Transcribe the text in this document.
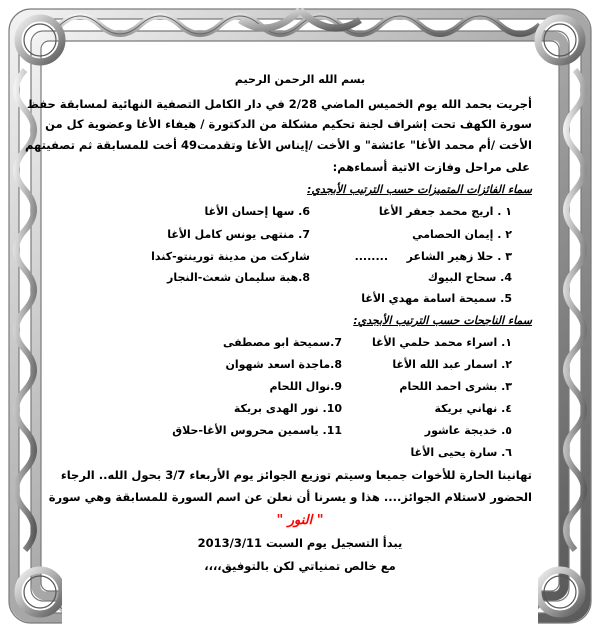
بسم الله الرحمن الرحيم
أجريت بحمد الله يوم الخميس الماضي 2/28 في دار الكامل التصفية النهائية لمسابقة حفظ
سورة الكهف تحت إشراف لجنة تحكيم مشكلة من الدكتورة / هيفاء الأغا وعضوية كل من
الأخت /أم محمد الأغا" عائشة" و الأخت /إيناس الأغا وتقدمت49 أخت للمسابقة ثم تصفيتهم
على مراحل وفازت الاتية أسماءهم:
سماء الفائزات المتميزات حسب الترتيب الأبجدي:
١ . اريج محمد جعفر الأغا
6. سها إحسان الأغا
٢ . إيمان الحصامي
7. منتهى يونس كامل الأغا
٣ . حلا زهير الشاعر
........
شاركت من مدينة تورينتو-كندا
4. سحاح البيوك
8.هبة سليمان شعث-النجار
5. سميحة اسامة مهدي الأغا
سماء الناجحات حسب الترتيب الأبجدي:
١. اسراء محمد حلمي الأغا
7.سميحة ابو مصطفى
٢. اسمار عبد الله الأغا
8.ماجدة اسعد شهوان
٣. بشرى احمد اللحام
9.نوال اللحام
٤. نهاني بريكة
10. نور الهدى بريكة
٥. خديجة عاشور
11. ياسمين محروس الأغا-حلاق
٦. سارة يحيى الأغا
تهانينا الحارة للأخوات جميعا وسيتم توزيع الجوائز يوم الأربعاء 3/7 بحول الله.. الرجاء
الحضور لاستلام الجوائز.... هذا و يسرنا أن نعلن عن اسم السورة للمسابقة وهي سورة
" النور "
يبدأ التسجيل يوم السبت 2013/3/11
مع خالص تمنياتي لكن بالتوفيق،،،،
